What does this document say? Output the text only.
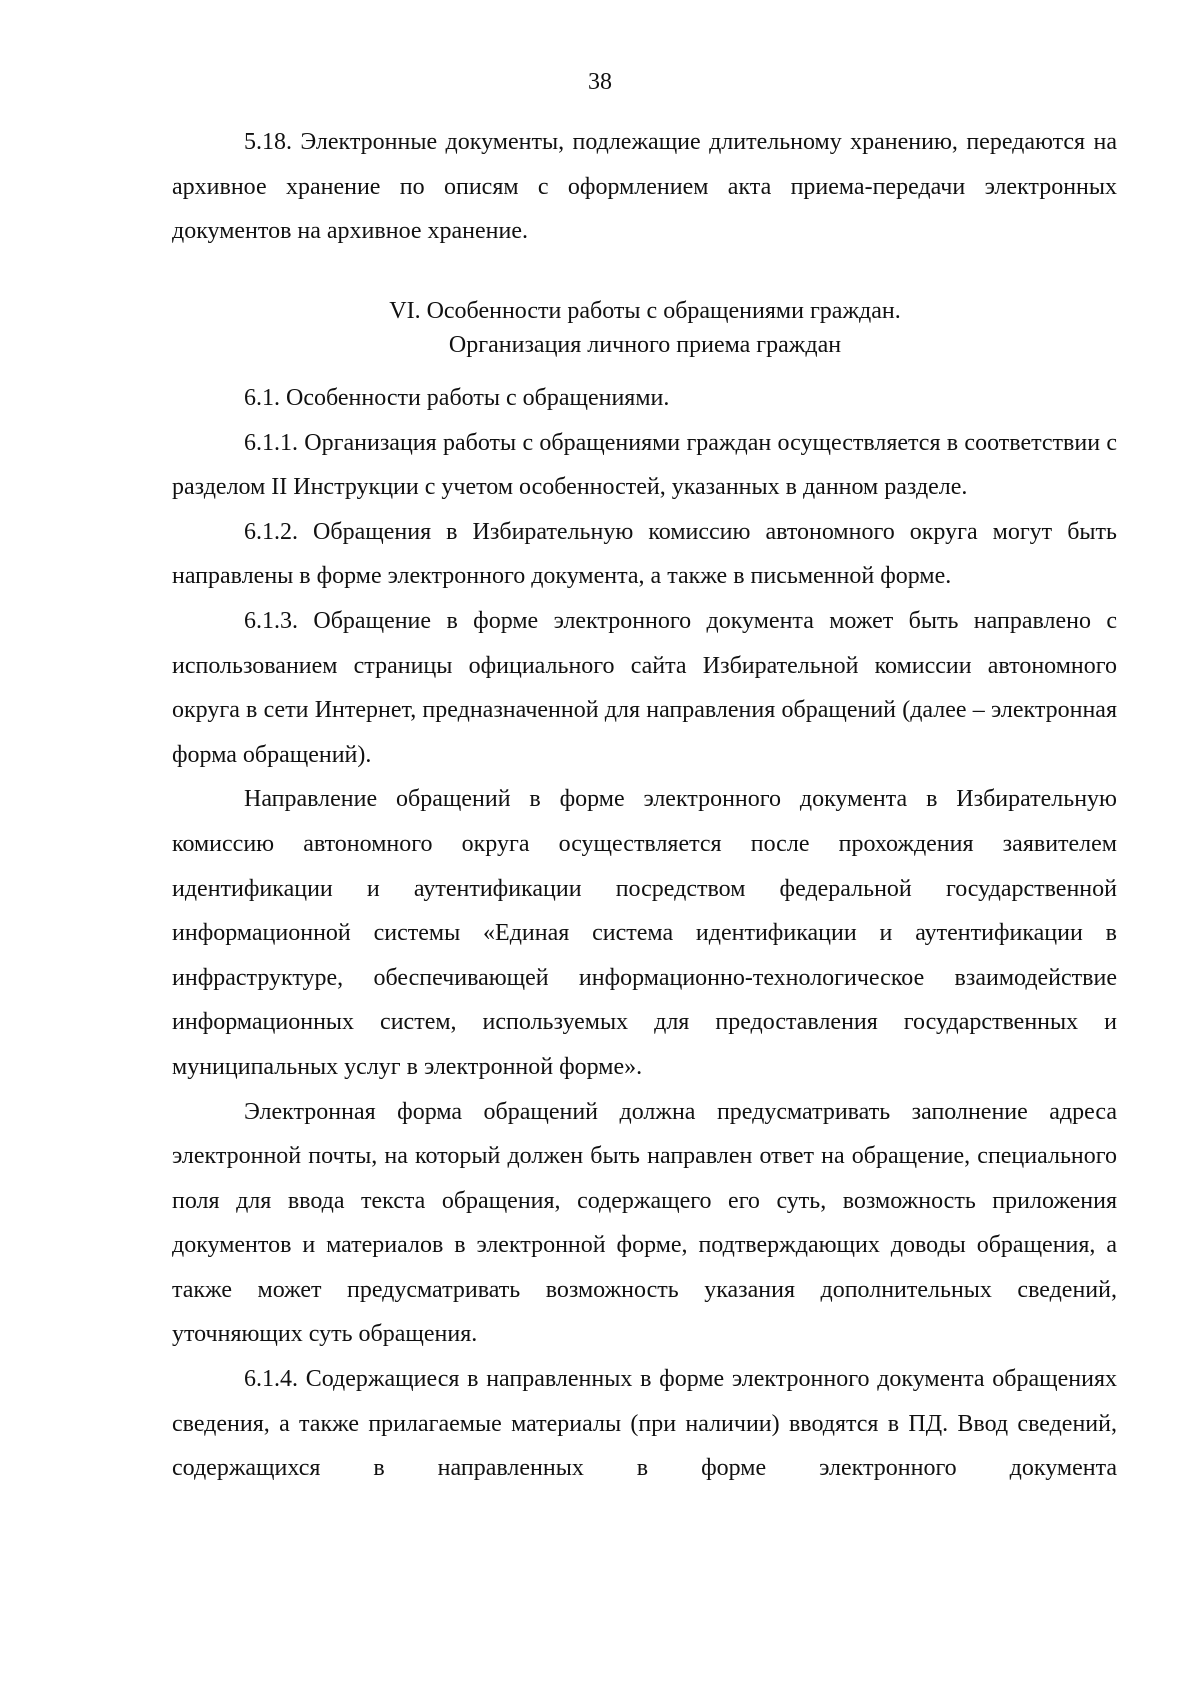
38

5.18. Электронные документы, подлежащие длительному хранению, передаются на архивное хранение по описям с оформлением акта приема-передачи электронных документов на архивное хранение.

VI. Особенности работы с обращениями граждан.
Организация личного приема граждан

6.1. Особенности работы с обращениями.

6.1.1. Организация работы с обращениями граждан осуществляется в соответствии с разделом II Инструкции с учетом особенностей, указанных в данном разделе.

6.1.2. Обращения в Избирательную комиссию автономного округа могут быть направлены в форме электронного документа, а также в письменной форме.

6.1.3. Обращение в форме электронного документа может быть направлено с использованием страницы официального сайта Избирательной комиссии автономного округа в сети Интернет, предназначенной для направления обращений (далее – электронная форма обращений).

Направление обращений в форме электронного документа в Избирательную комиссию автономного округа осуществляется после прохождения заявителем идентификации и аутентификации посредством федеральной государственной информационной системы «Единая система идентификации и аутентификации в инфраструктуре, обеспечивающей информационно-технологическое взаимодействие информационных систем, используемых для предоставления государственных и муниципальных услуг в электронной форме».

Электронная форма обращений должна предусматривать заполнение адреса электронной почты, на который должен быть направлен ответ на обращение, специального поля для ввода текста обращения, содержащего его суть, возможность приложения документов и материалов в электронной форме, подтверждающих доводы обращения, а также может предусматривать возможность указания дополнительных сведений, уточняющих суть обращения.

6.1.4. Содержащиеся в направленных в форме электронного документа обращениях сведения, а также прилагаемые материалы (при наличии) вводятся в ПД. Ввод сведений, содержащихся в направленных в форме электронного документа
